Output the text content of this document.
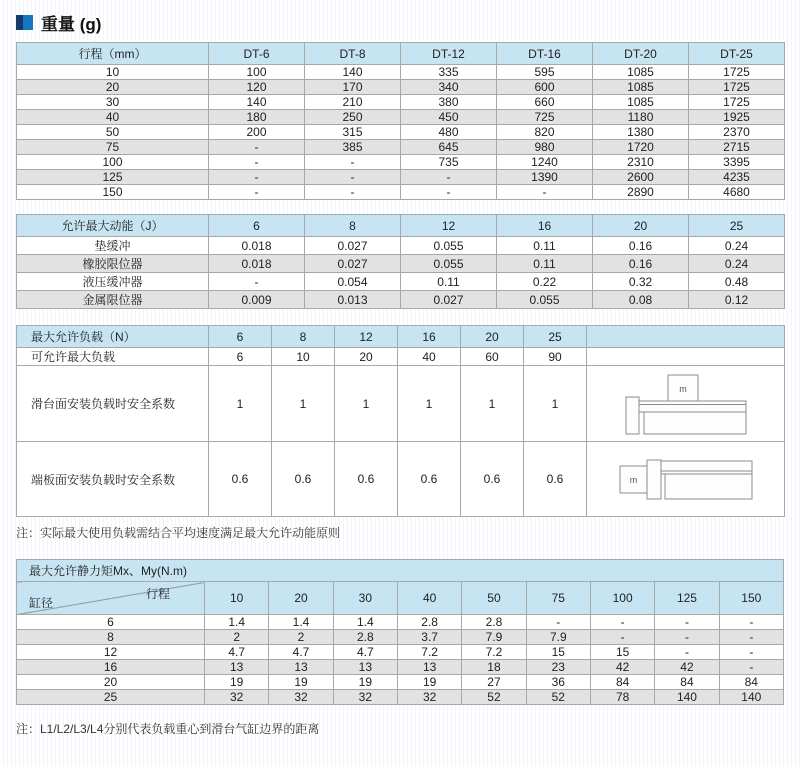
重量 (g)
行程（mm）	DT-6	DT-8	DT-12	DT-16	DT-20	DT-25
10	100	140	335	595	1085	1725
20	120	170	340	600	1085	1725
30	140	210	380	660	1085	1725
40	180	250	450	725	1180	1925
50	200	315	480	820	1380	2370
75	-	385	645	980	1720	2715
100	-	-	735	1240	2310	3395
125	-	-	-	1390	2600	4235
150	-	-	-	-	2890	4680
允许最大动能（J）	6	8	12	16	20	25
垫缓冲	0.018	0.027	0.055	0.11	0.16	0.24
橡胶限位器	0.018	0.027	0.055	0.11	0.16	0.24
液压缓冲器	-	0.054	0.11	0.22	0.32	0.48
金属限位器	0.009	0.013	0.027	0.055	0.08	0.12
最大允许负载（N）	6	8	12	16	20	25	
可允许最大负载	6	10	20	40	60	90	
滑台面安装负载时安全系数	1	1	1	1	1	1	m

端板面安装负载时安全系数	0.6	0.6	0.6	0.6	0.6	0.6	m
注：实际最大使用负载需结合平均速度满足最大允许动能原则
最大允许静力矩Mx、My(N.m)									

行程
缸径	10	20	30	40	50	75	100	125	150
6	1.4	1.4	1.4	2.8	2.8	-	-	-	-
8	2	2	2.8	3.7	7.9	7.9	-	-	-
12	4.7	4.7	4.7	7.2	7.2	15	15	-	-
16	13	13	13	13	18	23	42	42	-
20	19	19	19	19	27	36	84	84	84
25	32	32	32	32	52	52	78	140	140
注：L1/L2/L3/L4分别代表负载重心到滑台气缸边界的距离
